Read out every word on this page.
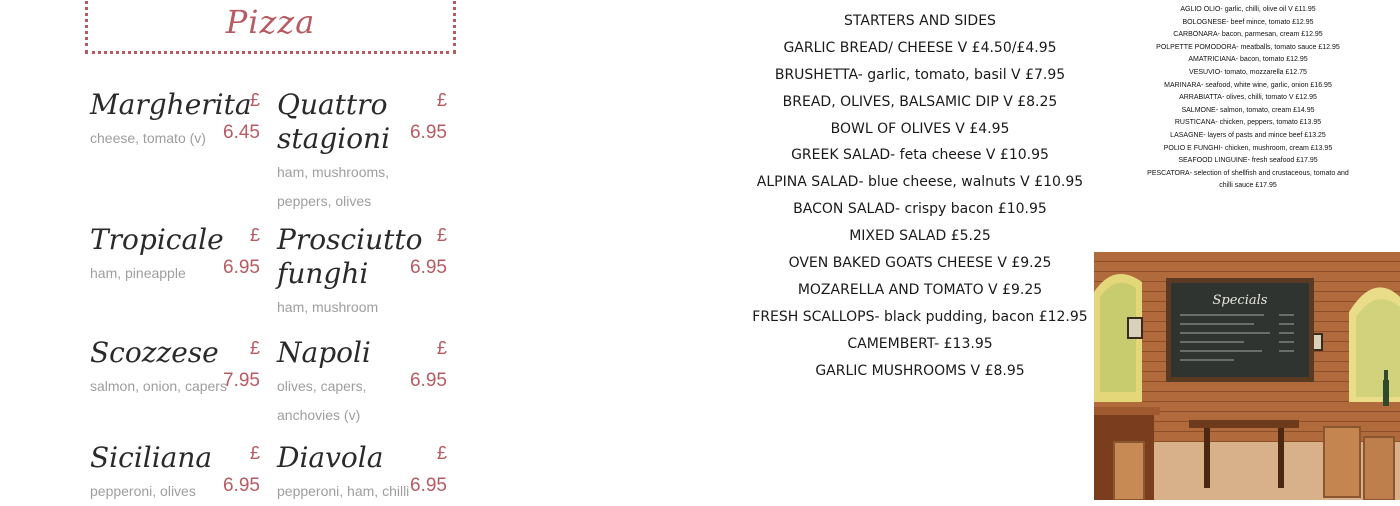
Pizza
Margherita
£
6.45
cheese, tomato (v)
Quattro stagioni
£
6.95
ham, mushrooms, peppers, olives
Tropicale £
6.95
ham, pineapple
Prosciutto funghi
£
6.95
ham, mushroom
Scozzese £
7.95
salmon, onion, capers
Napoli	£
6.95
olives, capers, anchovies (v)
Siciliana £
6.95
pepperoni, olives
Diavola	£
6.95
pepperoni, ham, chilli
STARTERS AND SIDES
GARLIC BREAD/ CHEESE V £4.50/£4.95
BRUSHETTA- garlic, tomato, basil V £7.95
BREAD, OLIVES, BALSAMIC DIP V £8.25
BOWL OF OLIVES V £4.95
GREEK SALAD- feta cheese V £10.95
ALPINA SALAD- blue cheese, walnuts V £10.95
BACON SALAD- crispy bacon £10.95
MIXED SALAD £5.25
OVEN BAKED GOATS CHEESE V £9.25
MOZARELLA AND TOMATO V £9.25
FRESH SCALLOPS- black pudding, bacon £12.95
CAMEMBERT- £13.95
GARLIC MUSHROOMS V £8.95
AGLIO OLIO- garlic, chilli, olive oil V £11.95
BOLOGNESE- beef mince, tomato £12.95
CARBONARA- bacon, parmesan, cream £12.95
POLPETTE POMODORA- meatballs, tomato sauce £12.95
AMATRICIANA- bacon, tomato £12.95
VESUVIO- tomato, mozzarella £12.75
MARINARA- seafood, white wine, garlic, onion £16.95
ARRABIATTA- olives, chilli, tomato V £12.95
SALMONE- salmon, tomato, cream £14.95
RUSTICANA- chicken, peppers, tomato £13.95
LASAGNE- layers of pasts and mince beef £13.25
POLIO E FUNGHI- chicken, mushroom, cream £13.95
SEAFOOD LINGUINE- fresh seafood £17.95
PESCATORA- selection of shellfish and crustaceous, tomato and chilli sauce £17.95
Specials
